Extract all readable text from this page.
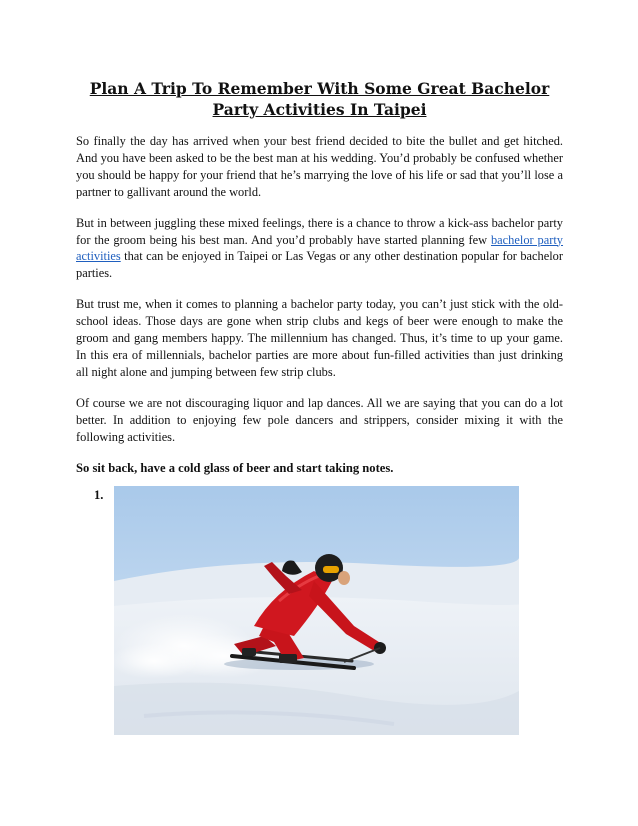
Plan A Trip To Remember With Some Great Bachelor Party Activities In Taipei

So finally the day has arrived when your best friend decided to bite the bullet and get hitched. And you have been asked to be the best man at his wedding. You’d probably be confused whether you should be happy for your friend that he’s marrying the love of his life or sad that you’ll lose a partner to gallivant around the world.

But in between juggling these mixed feelings, there is a chance to throw a kick-ass bachelor party for the groom being his best man. And you’d probably have started planning few bachelor party activities that can be enjoyed in Taipei or Las Vegas or any other destination popular for bachelor parties.

But trust me, when it comes to planning a bachelor party today, you can’t just stick with the old-school ideas. Those days are gone when strip clubs and kegs of beer were enough to make the groom and gang members happy. The millennium has changed. Thus, it’s time to up your game. In this era of millennials, bachelor parties are more about fun-filled activities than just drinking all night alone and jumping between few strip clubs.

Of course we are not discouraging liquor and lap dances. All we are saying that you can do a lot better. In addition to enjoying few pole dancers and strippers, consider mixing it with the following activities.

So sit back, have a cold glass of beer and start taking notes.
1.
